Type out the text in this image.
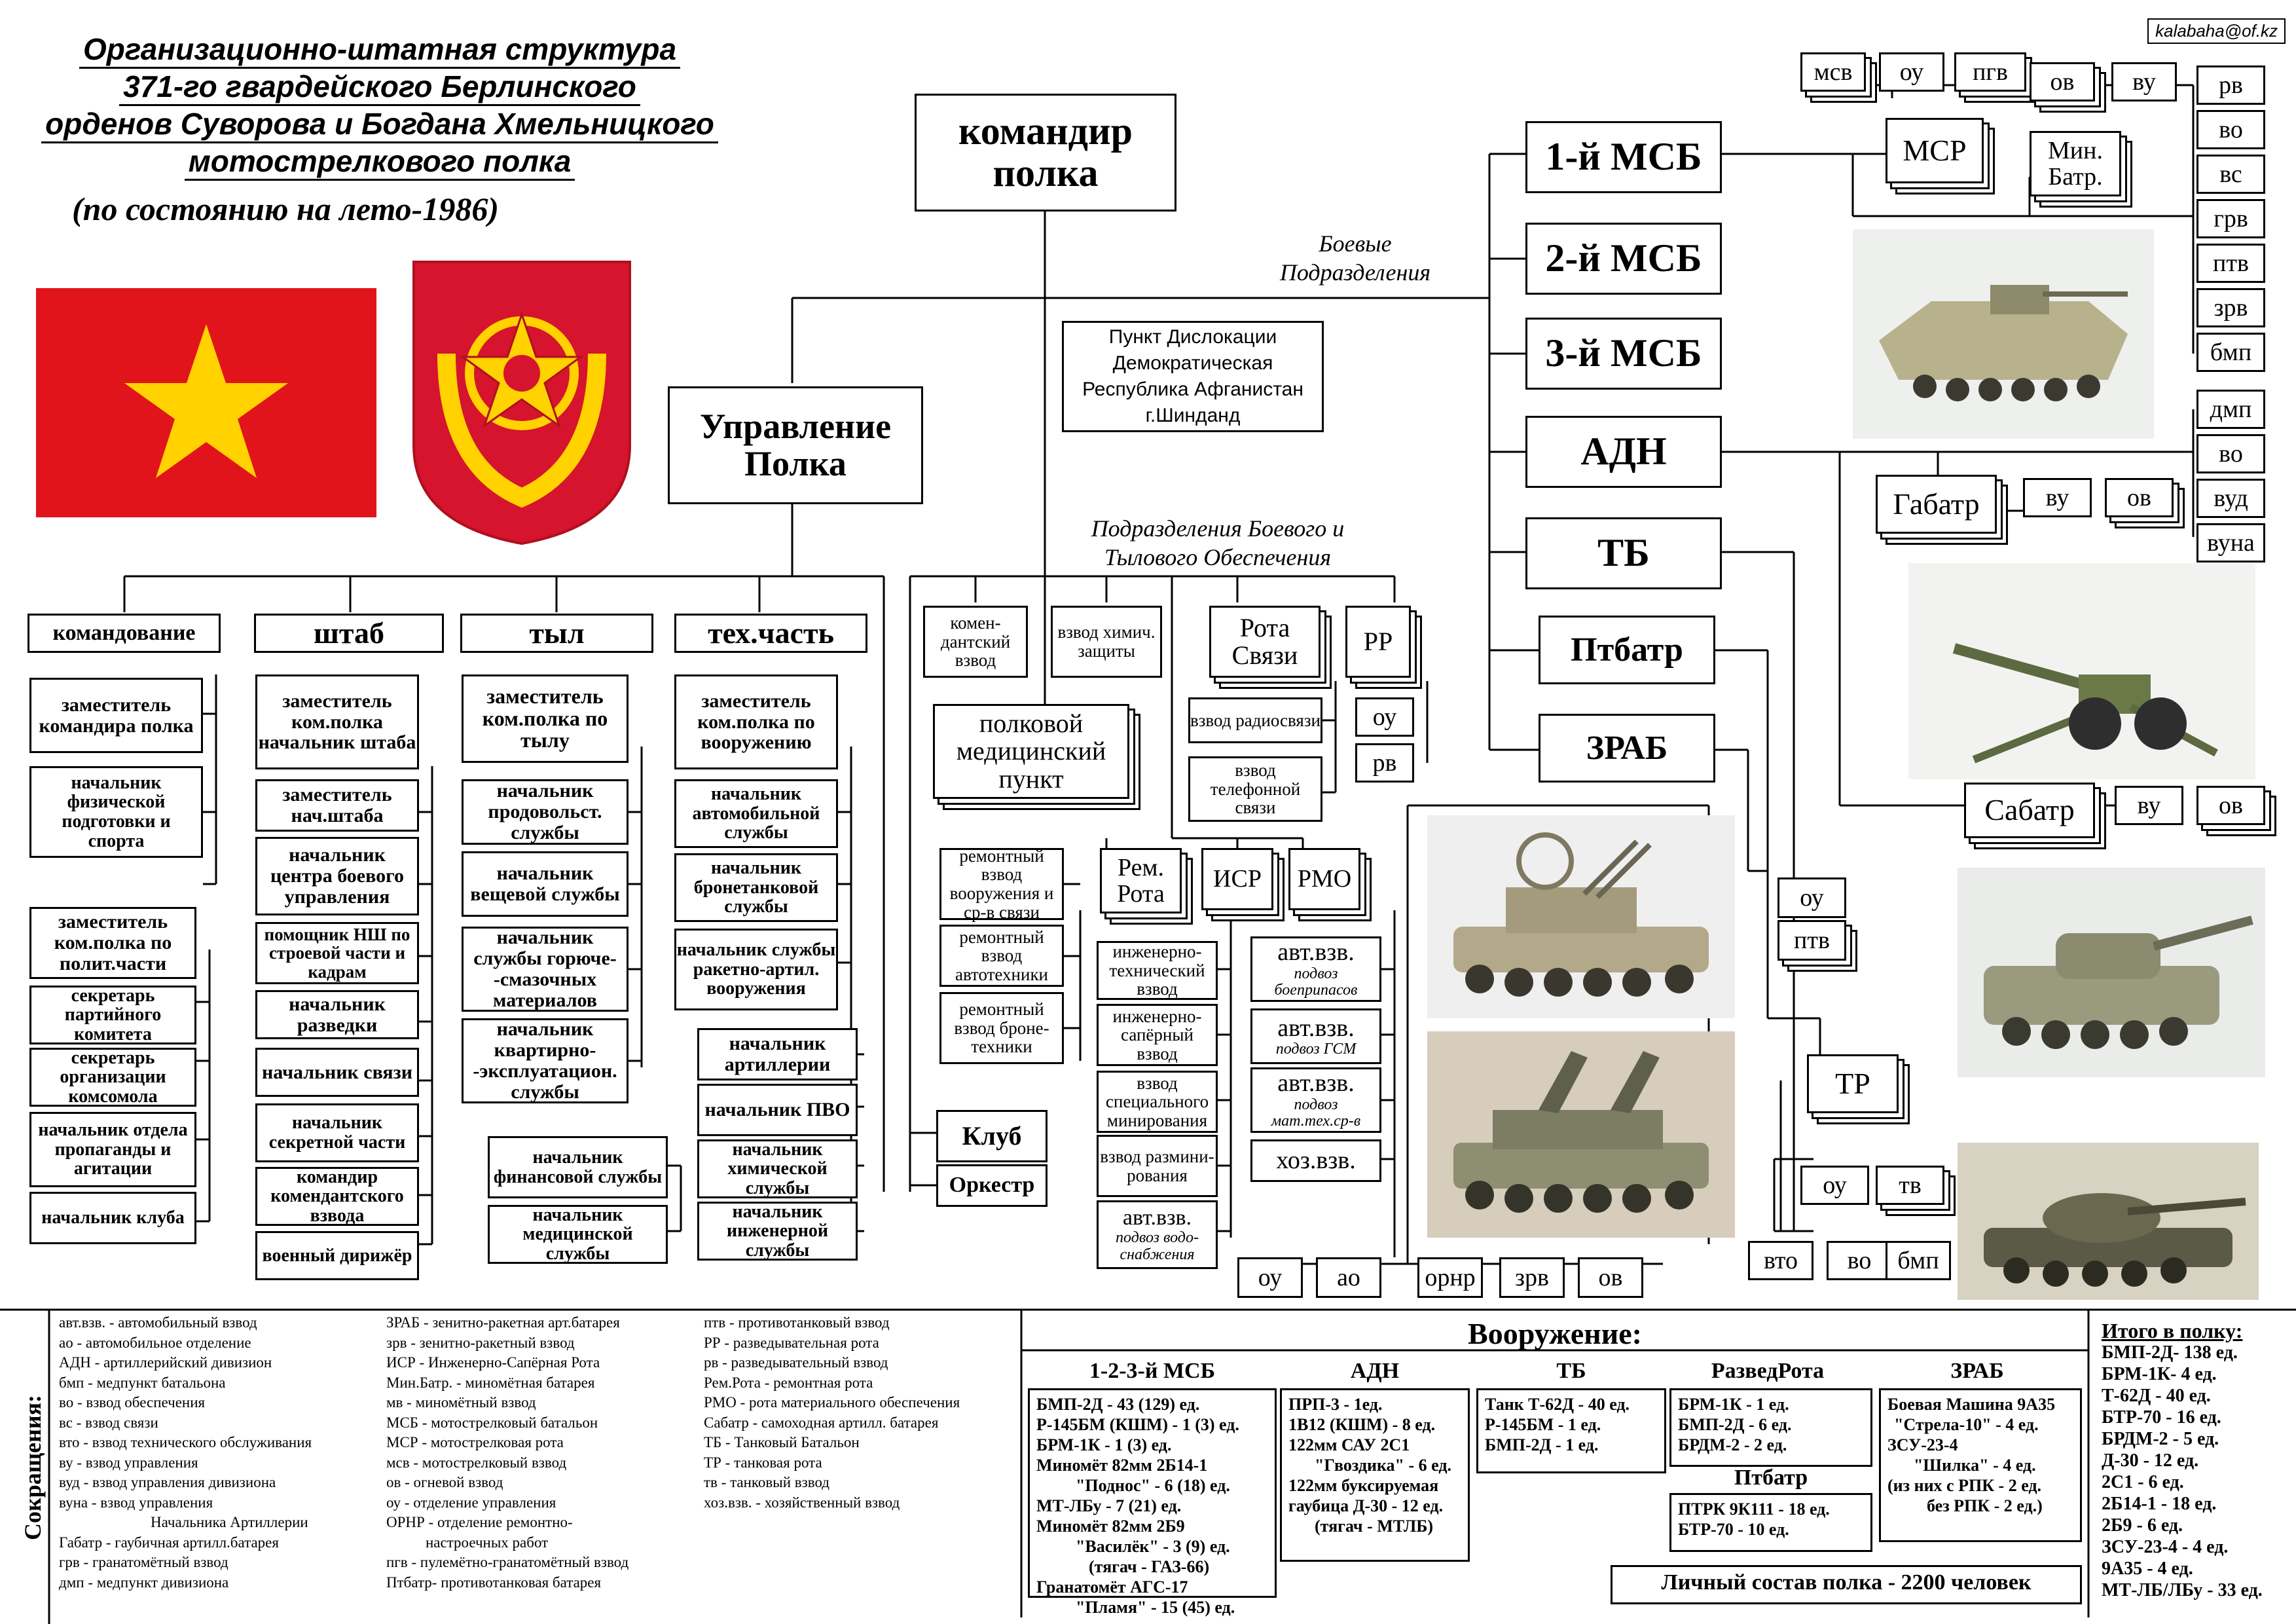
Организационно-штатная структура
371-го гвардейского Берлинского
орденов Суворова и Богдана Хмельницкого
мотострелкового полка
(по состоянию на лето-1986)
kalabaha@of.kz
командир полка
Управление Полка
Пункт Дислокации
Демократическая
Республика Афганистан
г.Шинданд
Боевые Подразделения
Подразделения Боевого и Тылового Обеспечения
командование	штаб	тыл	тех.часть
заместитель командира полка
начальник физической подготовки и спорта
заместитель ком.полка по полит.части
секретарь партийного комитета
секретарь организации комсомола
начальник отдела пропаганды и агитации
начальник клуба
заместитель ком.полка начальник штаба
заместитель нач.штаба
начальник центра боевого управления
помощник НШ по строевой части и кадрам
начальник разведки
начальник связи
начальник секретной части
командир комендантского взвода
военный дирижёр
заместитель ком.полка по тылу
начальник продовольст. службы
начальник вещевой службы
начальник службы горюче- -смазочных материалов
начальник квартирно- -эксплуатацион. службы
начальник финансовой службы
начальник медицинской службы
заместитель ком.полка по вооружению
начальник автомобильной службы
начальник бронетанковой службы
начальник службы ракетно-артил. вооружения
начальник артиллерии
начальник ПВО
начальник химической службы
начальник инженерной службы
комен- дантский взвод
взвод химич. защиты
Рота Связи	РР
оу
рв
взвод радиосвязи
взвод телефонной связи
полковой медицинский пункт
ремонтный взвод вооружения и ср-в связи
ремонтный взвод автотехники
ремонтный взвод броне- техники
Рем. Рота
ИСР	РМО
инженерно- технический взвод
инженерно- сапёрный взвод
взвод специального минирования
взвод размини- рования
авт.взв.
подвоз водо- снабжения
авт.взв.
подвоз боеприпасов
авт.взв.
подвоз ГСМ
авт.взв.
подвоз мат.тех.ср-в
хоз.взв.
Клуб
Оркестр
оу	ао	орнр	зрв	ов
1-й МСБ
2-й МСБ
3-й МСБ
АДН
ТБ
Птбатр
ЗРАБ
МСР
мсв	оу	пгв
Мин. Батр.
ов	ву	рв
во
вс
грв
птв
зрв
бмп
дмп
во
вуд
вуна
Габатр	ву	ов
Сабатр	ву	ов
оу
птв
ТР
оу	тв
вто	во	бмп
Сокращения:
авт.взв. - автомобильный взвод
ао - автомобильное отделение
АДН - артиллерийский дивизион
бмп - медпункт батальона
во - взвод обеспечения
вс - взвод связи
вто - взвод технического обслуживания
ву - взвод управления
вуд - взвод управления дивизиона
вуна - взвод управления
Начальника Артиллерии
Габатр - гаубичная артилл.батарея
грв - гранатомётный взвод
дмп - медпункт дивизиона
ЗРАБ - зенитно-ракетная арт.батарея
зрв - зенитно-ракетный взвод
ИСР - Инженерно-Сапёрная Рота
Мин.Батр. - миномётная батарея
мв - миномётный взвод
МСБ - мотострелковый батальон
МСР - мотострелковая рота
мсв - мотострелковый взвод
ов - огневой взвод
оу - отделение управления
ОРНР - отделение ремонтно-
настроечных работ
пгв - пулемётно-гранатомётный взвод
Птбатр- противотанковая батарея
птв - противотанковый взвод
РР - разведывательная рота
рв - разведывательный взвод
Рем.Рота - ремонтная рота
РМО - рота материального обеспечения
Сабатр - самоходная артилл. батарея
ТБ - Танковый Батальон
ТР - танковая рота
тв - танковый взвод
хоз.взв. - хозяйственный взвод
Вооружение:
1-2-3-й МСБ	АДН	ТБ	РазведРота	ЗРАБ
БМП-2Д - 43 (129) ед.
Р-145БМ (КШМ) - 1 (3) ед.
БРМ-1К - 1 (3) ед.
Миномёт 82мм 2Б14-1
"Поднос" - 6 (18) ед.
МТ-ЛБу - 7 (21) ед.
Миномёт 82мм 2Б9
"Василёк" - 3 (9) ед.
(тягач - ГАЗ-66)
Гранатомёт АГС-17
"Пламя" - 15 (45) ед.
ПРП-3 - 1ед.
1В12 (КШМ) - 8 ед.
122мм САУ 2С1
"Гвоздика" - 6 ед.
122мм буксируемая
гаубица Д-30 - 12 ед.
(тягач - МТЛБ)
Танк Т-62Д - 40 ед.
Р-145БМ - 1 ед.
БМП-2Д - 1 ед.
БРМ-1К - 1 ед.
БМП-2Д - 6 ед.
БРДМ-2 - 2 ед.
Птбатр
ПТРК 9К111 - 18 ед.
БТР-70 - 10 ед.
Боевая Машина 9А35
"Стрела-10" - 4 ед.
ЗСУ-23-4
"Шилка" - 4 ед.
(из них с РПК - 2 ед.
без РПК - 2 ед.)
Личный состав полка - 2200 человек
Итого в полку:
БМП-2Д- 138 ед.
БРМ-1К- 4 ед.
Т-62Д - 40 ед.
БТР-70 - 16 ед.
БРДМ-2 - 5 ед.
Д-30 - 12 ед.
2С1 - 6 ед.
2Б14-1 - 18 ед.
2Б9 - 6 ед.
ЗСУ-23-4 - 4 ед.
9А35 - 4 ед.
МТ-ЛБ/ЛБу - 33 ед.
